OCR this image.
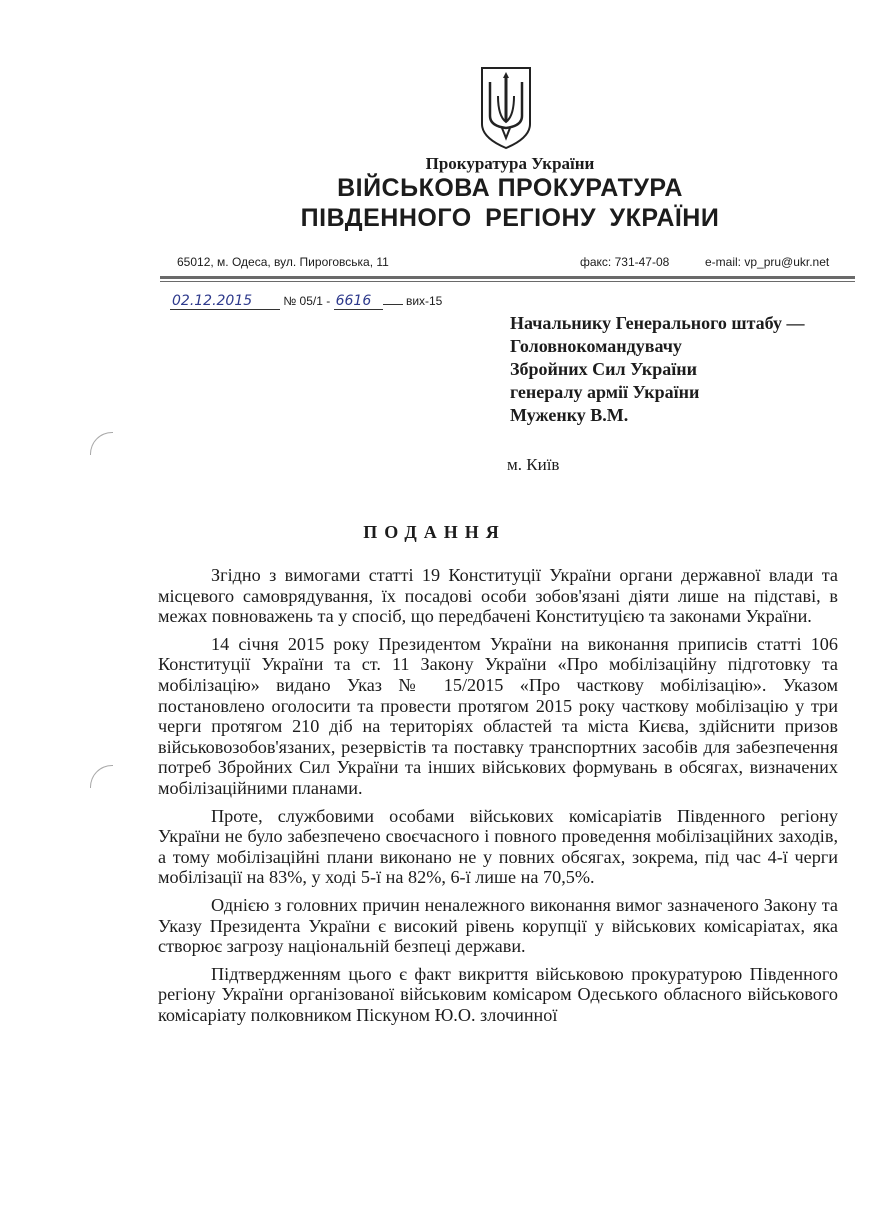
Прокуратура України
ВІЙСЬКОВА ПРОКУРАТУРА
ПІВДЕННОГО РЕГІОНУ УКРАЇНИ
65012, м. Одеса, вул. Пироговська, 11	факс: 731-47-08	e-mail: vp_pru@ukr.net
02.12.2015	№ 05/1 - 6616	вих-15
Начальнику Генерального штабу —
Головнокомандувачу
Збройних Сил України
генералу армії України
Муженку В.М.
м. Київ
ПОДАННЯ

Згідно з вимогами статті 19 Конституції України органи державної влади та місцевого самоврядування, їх посадові особи зобов'язані діяти лише на підставі, в межах повноважень та у спосіб, що передбачені Конституцією та законами України.

14 січня 2015 року Президентом України на виконання приписів статті 106 Конституції України та ст. 11 Закону України «Про мобілізаційну підготовку та мобілізацію» видано Указ № 15/2015 «Про часткову мобілізацію». Указом постановлено оголосити та провести протягом 2015 року часткову мобілізацію у три черги протягом 210 діб на територіях областей та міста Києва, здійснити призов військовозобов'язаних, резервістів та поставку транспортних засобів для забезпечення потреб Збройних Сил України та інших військових формувань в обсягах, визначених мобілізаційними планами.

Проте, службовими особами військових комісаріатів Південного регіону України не було забезпечено своєчасного і повного проведення мобілізаційних заходів, а тому мобілізаційні плани виконано не у повних обсягах, зокрема, під час 4-ї черги мобілізації на 83%, у ході 5-ї на 82%, 6-ї лише на 70,5%.

Однією з головних причин неналежного виконання вимог зазначеного Закону та Указу Президента України є високий рівень корупції у військових комісаріатах, яка створює загрозу національній безпеці держави.

Підтвердженням цього є факт викриття військовою прокуратурою Південного регіону України організованої військовим комісаром Одеського обласного військового комісаріату полковником Піскуном Ю.О. злочинної
